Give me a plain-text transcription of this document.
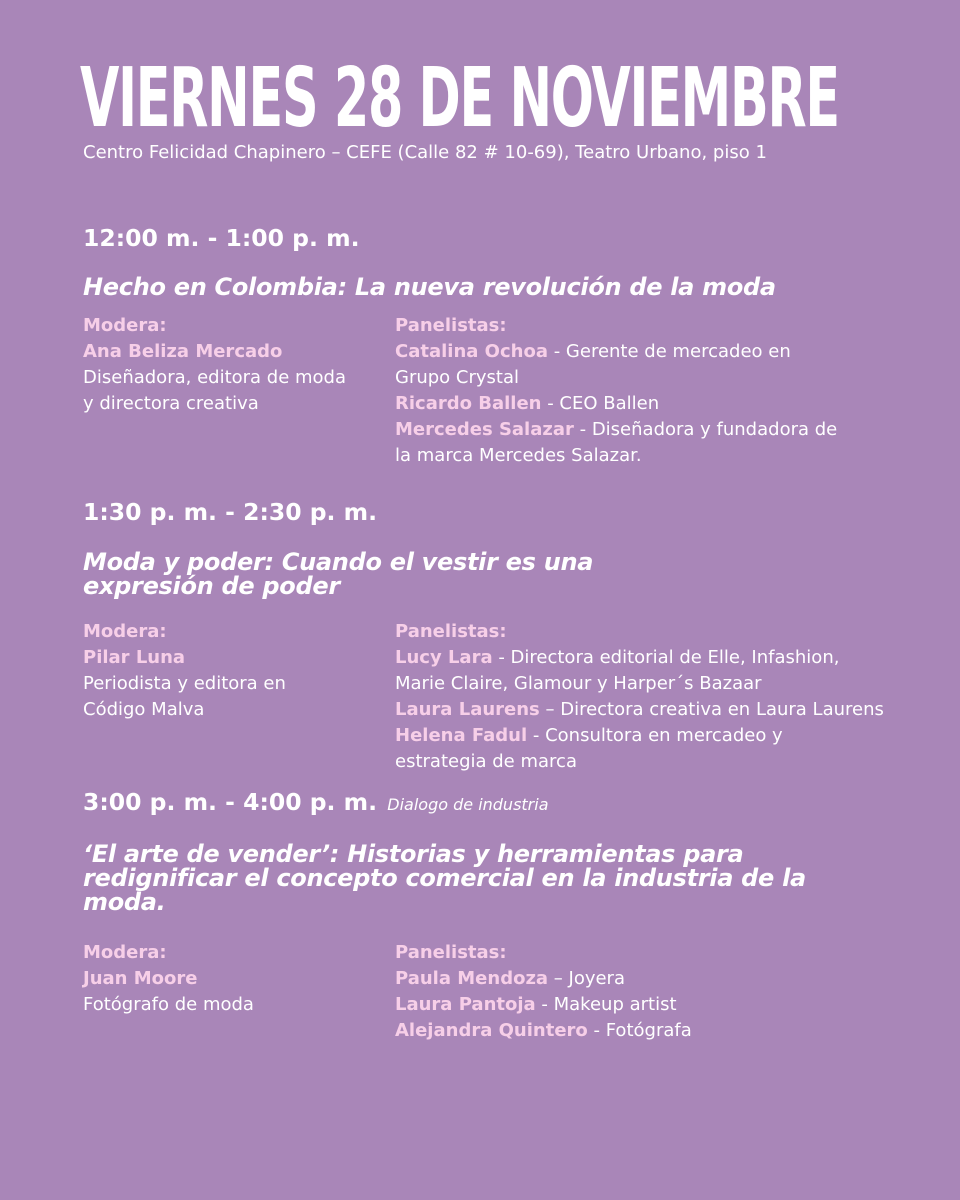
VIERNES 28 DE NOVIEMBRE
Centro Felicidad Chapinero – CEFE (Calle 82 # 10-69), Teatro Urbano, piso 1
12:00 m. - 1:00 p. m.
Hecho en Colombia: La nueva revolución de la moda
Modera:
Ana Beliza Mercado
Diseñadora, editora de moda
y directora creativa
Panelistas:
Catalina Ochoa - Gerente de mercadeo en
Grupo Crystal
Ricardo Ballen - CEO Ballen
Mercedes Salazar - Diseñadora y fundadora de
la marca Mercedes Salazar.
1:30 p. m. - 2:30 p. m.
Moda y poder: Cuando el vestir es una
expresión de poder
Modera:
Pilar Luna
Periodista y editora en
Código Malva
Panelistas:
Lucy Lara - Directora editorial de Elle, Infashion,
Marie Claire, Glamour y Harper´s Bazaar
Laura Laurens – Directora creativa en Laura Laurens
Helena Fadul - Consultora en mercadeo y
estrategia de marca
3:00 p. m. - 4:00 p. m. Dialogo de industria
‘El arte de vender’: Historias y herramientas para
redignificar el concepto comercial en la industria de la
moda.
Modera:
Juan Moore
Fotógrafo de moda
Panelistas:
Paula Mendoza – Joyera
Laura Pantoja - Makeup artist
Alejandra Quintero - Fotógrafa
